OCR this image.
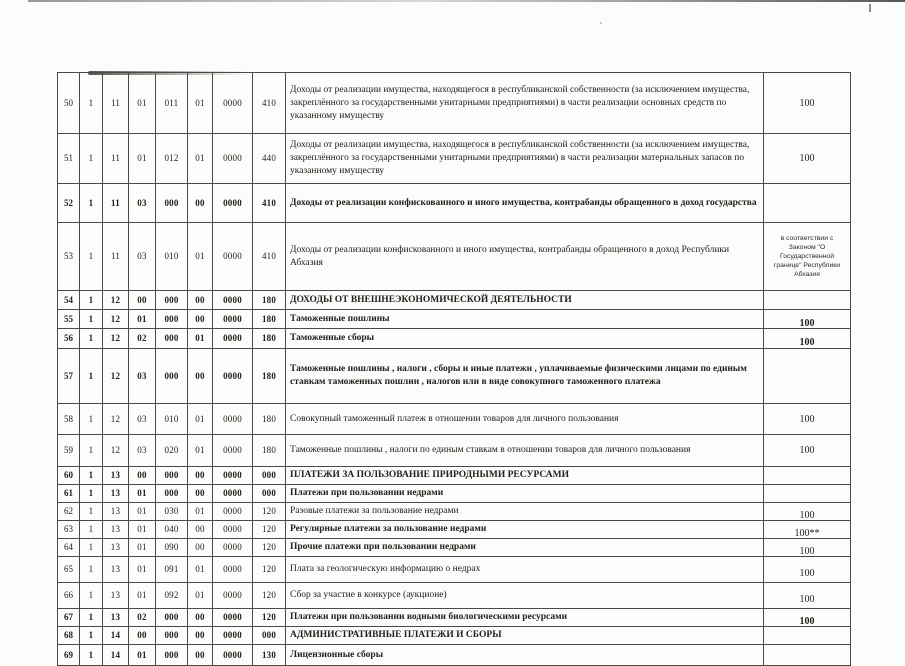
50	1	11	01	011	01	0000	410	Доходы от реализации имущества, находящегося в республиканской собственности (за исключением имущества, закреплённого за государственными унитарными предприятиями) в части реализации основных средств по указанному имуществу	100
51	1	11	01	012	01	0000	440	Доходы от реализации имущества, находящегося в республиканской собственности (за исключением имущества, закреплённого за государственными унитарными предприятиями) в части реализации материальных запасов по указанному имуществу	100
52	1	11	03	000	00	0000	410	Доходы от реализации конфискованного и иного имущества, контрабанды обращенного в доход государства	
53	1	11	03	010	01	0000	410	Доходы от реализации конфискованного и иного имущества, контрабанды обращенного в доход Республики Абхазия	в соответствии с Законом "О Государственной границе" Республики Абхазия

54	1	12	00	000	00	0000	180	ДОХОДЫ ОТ ВНЕШНЕЭКОНОМИЧЕСКОЙ ДЕЯТЕЛЬНОСТИ	
55	1	12	01	000	00	0000	180	Таможенные пошлины	100
56	1	12	02	000	01	0000	180	Таможенные сборы	100
57	1	12	03	000	00	0000	180	Таможенные пошлины , налоги , сборы и иные платежи , уплачиваемые физическими лицами по единым ставкам таможенных пошлин , налогов или в виде совокупного таможенного платежа	
58	1	12	03	010	01	0000	180	Совокупный таможенный платеж в отношении товаров для личного пользования	100
59	1	12	03	020	01	0000	180	Таможенные пошлины , налоги по единым ставкам в отношении товаров для личного пользования	100
60	1	13	00	000	00	0000	000	ПЛАТЕЖИ ЗА ПОЛЬЗОВАНИЕ ПРИРОДНЫМИ РЕСУРСАМИ	
61	1	13	01	000	00	0000	000	Платежи при пользовании недрами	
62	1	13	01	030	01	0000	120	Разовые платежи за пользование недрами	100
63	1	13	01	040	00	0000	120	Регулярные платежи за пользование недрами	100**
64	1	13	01	090	00	0000	120	Прочие платежи при пользовании недрами	100
65	1	13	01	091	01	0000	120	Плата за геологическую информацию о недрах	100
66	1	13	01	092	01	0000	120	Сбор за участие в конкурсе (аукционе)	100
67	1	13	02	000	00	0000	120	Платежи при пользовании водными биологическими ресурсами	100
68	1	14	00	000	00	0000	000	АДМИНИСТРАТИВНЫЕ ПЛАТЕЖИ И СБОРЫ	
69	1	14	01	000	00	0000	130	Лицензионные сборы	
